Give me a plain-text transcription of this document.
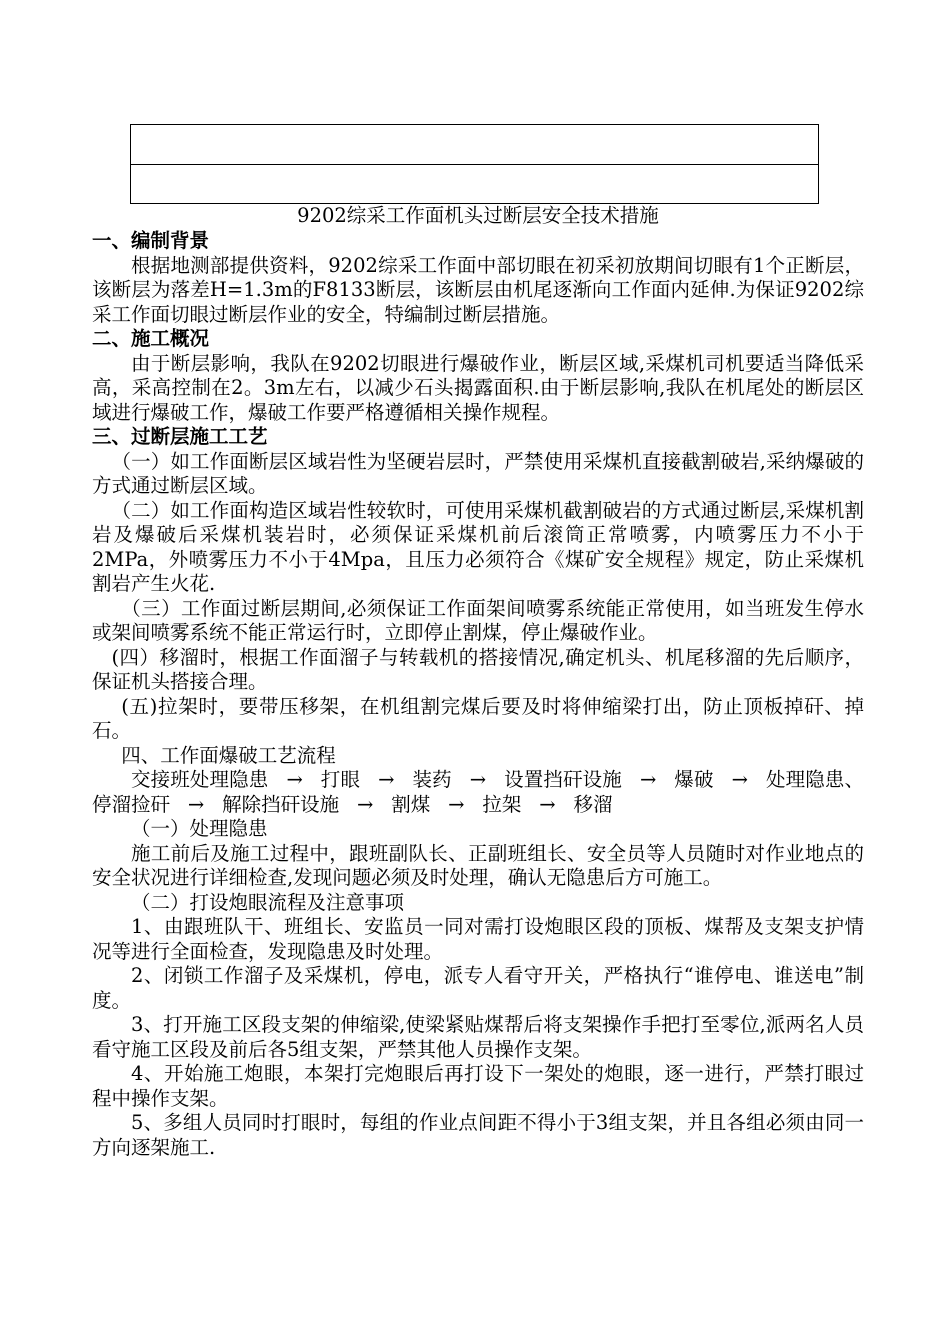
9202综采工作面机头过断层安全技术措施
一、编制背景

根据地测部提供资料，9202综采工作面中部切眼在初采初放期间切眼有1个正断层，该断层为落差H=1.3m的F8133断层，该断层由机尾逐渐向工作面内延伸.为保证9202综采工作面切眼过断层作业的安全，特编制过断层措施。

二、施工概况

由于断层影响，我队在9202切眼进行爆破作业，断层区域,采煤机司机要适当降低采高，采高控制在2。3m左右，以减少石头揭露面积.由于断层影响,我队在机尾处的断层区域进行爆破工作，爆破工作要严格遵循相关操作规程。

三、过断层施工工艺

（一）如工作面断层区域岩性为坚硬岩层时，严禁使用采煤机直接截割破岩,采纳爆破的方式通过断层区域。

（二）如工作面构造区域岩性较软时，可使用采煤机截割破岩的方式通过断层,采煤机割岩及爆破后采煤机装岩时，必须保证采煤机前后滚筒正常喷雾，内喷雾压力不小于2MPa，外喷雾压力不小于4Mpa，且压力必须符合《煤矿安全规程》规定，防止采煤机割岩产生火花.

（三）工作面过断层期间,必须保证工作面架间喷雾系统能正常使用，如当班发生停水或架间喷雾系统不能正常运行时，立即停止割煤，停止爆破作业。

(四）移溜时，根据工作面溜子与转载机的搭接情况,确定机头、机尾移溜的先后顺序，保证机头搭接合理。

(五)拉架时，要带压移架，在机组割完煤后要及时将伸缩梁打出，防止顶板掉矸、掉石。

四、工作面爆破工艺流程

交接班处理隐患 → 打眼 → 装药 → 设置挡矸设施 → 爆破 → 处理隐患、停溜捡矸 → 解除挡矸设施 → 割煤 → 拉架 → 移溜

（一）处理隐患

施工前后及施工过程中，跟班副队长、正副班组长、安全员等人员随时对作业地点的安全状况进行详细检查,发现问题必须及时处理，确认无隐患后方可施工。

（二）打设炮眼流程及注意事项

1、由跟班队干、班组长、安监员一同对需打设炮眼区段的顶板、煤帮及支架支护情况等进行全面检查，发现隐患及时处理。

2、闭锁工作溜子及采煤机，停电，派专人看守开关，严格执行“谁停电、谁送电”制度。

3、打开施工区段支架的伸缩梁,使梁紧贴煤帮后将支架操作手把打至零位,派两名人员看守施工区段及前后各5组支架，严禁其他人员操作支架。

4、开始施工炮眼，本架打完炮眼后再打设下一架处的炮眼，逐一进行，严禁打眼过程中操作支架。

5、多组人员同时打眼时，每组的作业点间距不得小于3组支架，并且各组必须由同一方向逐架施工.
